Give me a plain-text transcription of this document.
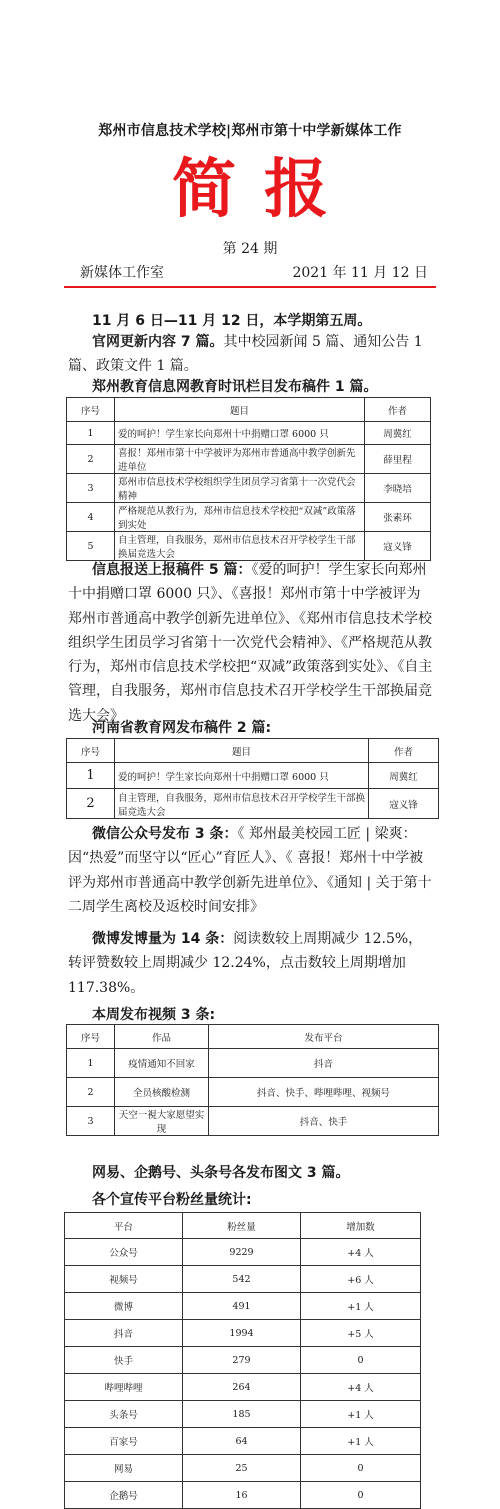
郑州市信息技术学校|郑州市第十中学新媒体工作
简报
第 24 期
新媒体工作室	2021 年 11 月 12 日
11 月 6 日—11 月 12 日，本学期第五周。
官网更新内容 7 篇。其中校园新闻 5 篇、通知公告 1 篇、政策文件 1 篇。
郑州教育信息网教育时讯栏目发布稿件 1 篇。
序号	题目	作者
1	爱的呵护！学生家长向郑州十中捐赠口罩 6000 只	周冀红
2	喜报！郑州市第十中学被评为郑州市普通高中教学创新先进单位	薛里程
3	郑州市信息技术学校组织学生团员学习省第十一次党代会精神	李晓培
4	严格规范从教行为，郑州市信息技术学校把“双减”政策落到实处	张素环
5	自主管理，自我服务，郑州市信息技术召开学校学生干部换届竞选大会	寇义锋
信息报送上报稿件 5 篇：《爱的呵护！学生家长向郑州十中捐赠口罩 6000 只》、《喜报！郑州市第十中学被评为郑州市普通高中教学创新先进单位》、《郑州市信息技术学校组织学生团员学习省第十一次党代会精神》、《严格规范从教行为，郑州市信息技术学校把“双减”政策落到实处》、《自主管理，自我服务，郑州市信息技术召开学校学生干部换届竞选大会》
河南省教育网发布稿件 2 篇:
序号	题目	作者
1	爱的呵护！学生家长向郑州十中捐赠口罩 6000 只	周冀红
2	自主管理，自我服务，郑州市信息技术召开学校学生干部换届竞选大会	寇义锋
微信公众号发布 3 条：《 郑州最美校园工匠 | 梁爽：因“热爱”而坚守以“匠心”育匠人》、《 喜报！郑州十中学被评为郑州市普通高中教学创新先进单位》、《通知 | 关于第十二周学生离校及返校时间安排》
微博发博量为 14 条：阅读数较上周期减少 12.5%，转评赞数较上周期减少 12.24%，点击数较上周期增加 117.38%。
本周发布视频 3 条:
序号	作品	发布平台
1	疫情通知不回家	抖音
2	全员核酸检测	抖音、快手、哔哩哔哩、视频号
3	天空一視大家愿望实现	抖音、快手
网易、企鹅号、头条号各发布图文 3 篇。
各个宣传平台粉丝量统计:
平台	粉丝量	增加数
公众号	9229	+4 人
视频号	542	+6 人
微博	491	+1 人
抖音	1994	+5 人
快手	279	0
哔哩哔哩	264	+4 人
头条号	185	+1 人
百家号	64	+1 人
网易	25	0
企鹅号	16	0
